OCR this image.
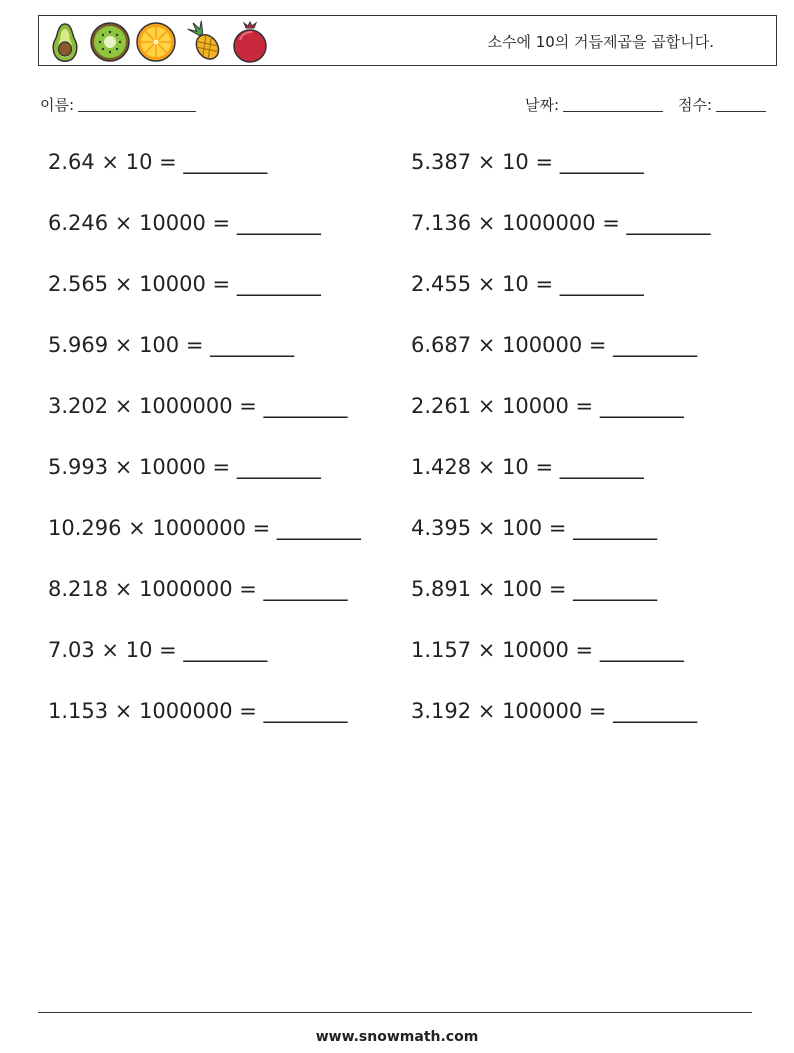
소수에 10의 거듭제곱을 곱합니다.
이름:	날짜:	점수:
2.64 × 10 = ________	5.387 × 10 = ________
6.246 × 10000 = ________	7.136 × 1000000 = ________
2.565 × 10000 = ________	2.455 × 10 = ________
5.969 × 100 = ________	6.687 × 100000 = ________
3.202 × 1000000 = ________	2.261 × 10000 = ________
5.993 × 10000 = ________	1.428 × 10 = ________
10.296 × 1000000 = ________ 4.395 × 100 = ________
8.218 × 1000000 = ________	5.891 × 100 = ________
7.03 × 10 = ________	1.157 × 10000 = ________
1.153 × 1000000 = ________	3.192 × 100000 = ________
www.snowmath.com
